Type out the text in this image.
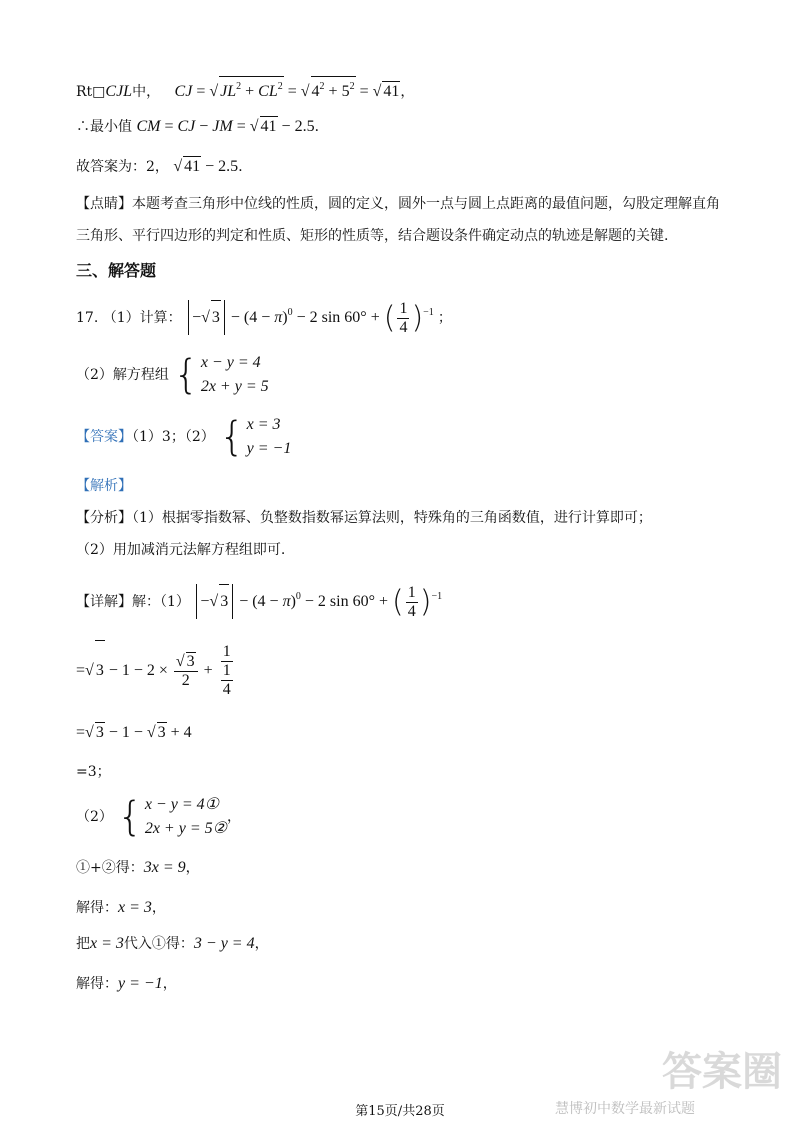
Rt□CJL中， CJ = √ $JL^2 + CL^2$ = √ $4^2 + 5^2$ = √ 41，
∴最小值 CM = CJ − JM = √ 41 − 2.5．
故答案为：2， √ 41 − 2.5．
【点睛】本题考查三角形中位线的性质，圆的定义，圆外一点与圆上点距离的最值问题，勾股定理解直角
三角形、平行四边形的判定和性质、矩形的性质等，结合题设条件确定动点的轨迹是解题的关键.
三、解答题
17. （1）计算： −√ $3 - (4 - \pi)^0 - 2$ sin 60° + ( $\frac{1}{4} )^{-1}$ ；
（2）解方程组 { x − y = 4
2x + y = 5
【答案】（1）3；（2） { x = 3
y = −1
【解析】
【分析】（1）根据零指数幂、负整数指数幂运算法则，特殊角的三角函数值，进行计算即可；
（2）用加减消元法解方程组即可.
【详解】解：（1） −√ $3 - (4 - \pi)^0 - 2$ sin 60° + ( $\frac{1}{4} )^{-1}$
=√ $3 - 1 - 2 \times \frac{√ 3}{2} + 1$
1
4
=√ 3 − 1 − √ 3 + 4
=3；
（2） { x − y = 4①
2x + y = 5②
，
①+②得：3x = 9，
解得：x = 3，
把x = 3代入①得：3 − y = 4，
解得：y = −1，
答案圈
慧博初中数学最新试题
第15页/共28页
